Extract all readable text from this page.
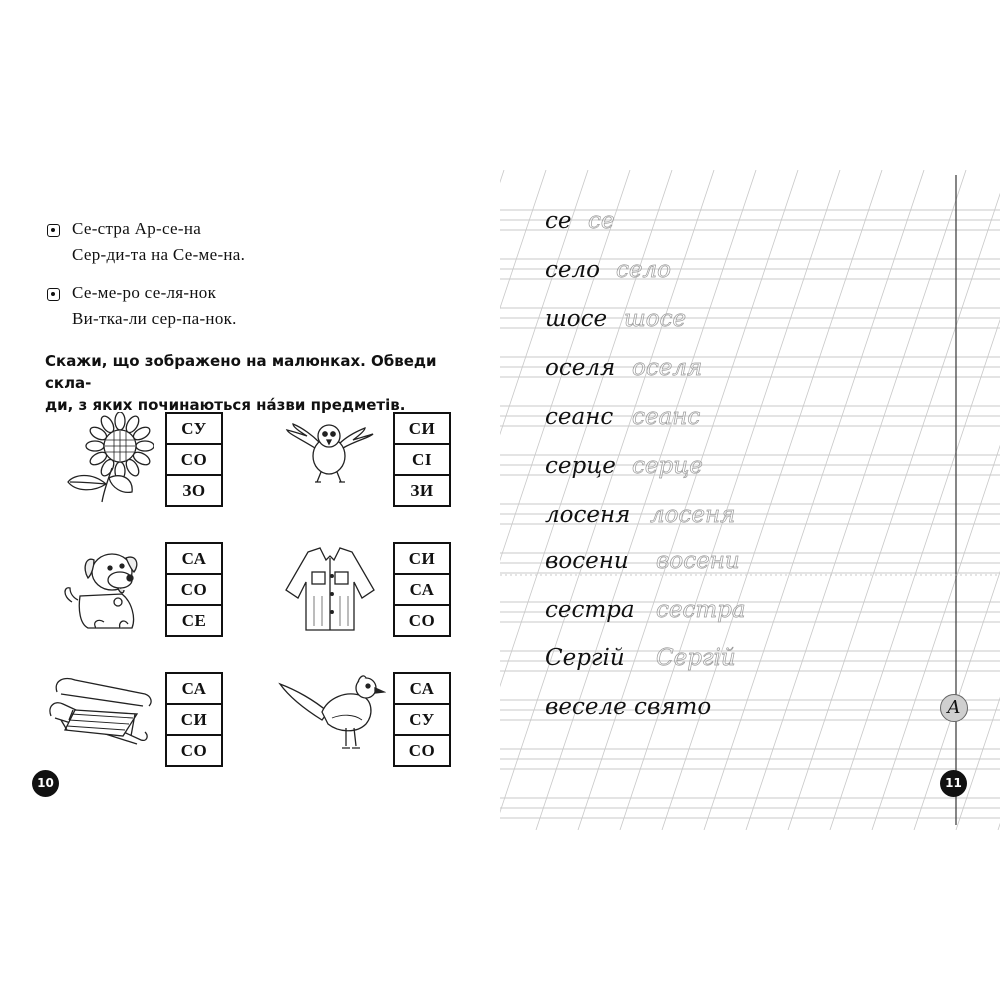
Се-стра Ар-се-на
Сер-ди-та на Се-ме-на.
Се-ме-ро се-ля-нок
Ви-тка-ли сер-па-нок.
Скажи, що зображено на малюнках. Обведи скла-
ди, з яких починаються на́зви предметів.
СУ
СО
ЗО
СИ
СІ
ЗИ
СА
СО
СЕ
СИ
СА
СО
СА
СИ
СО
СА
СУ
СО
10
се се
село село
шосе шосе
оселя оселя
сеанс сеанс
серце серце
лосеня лосеня
восени восени
сестра сестра
Сергій Сергій
веселе свято	А
11
